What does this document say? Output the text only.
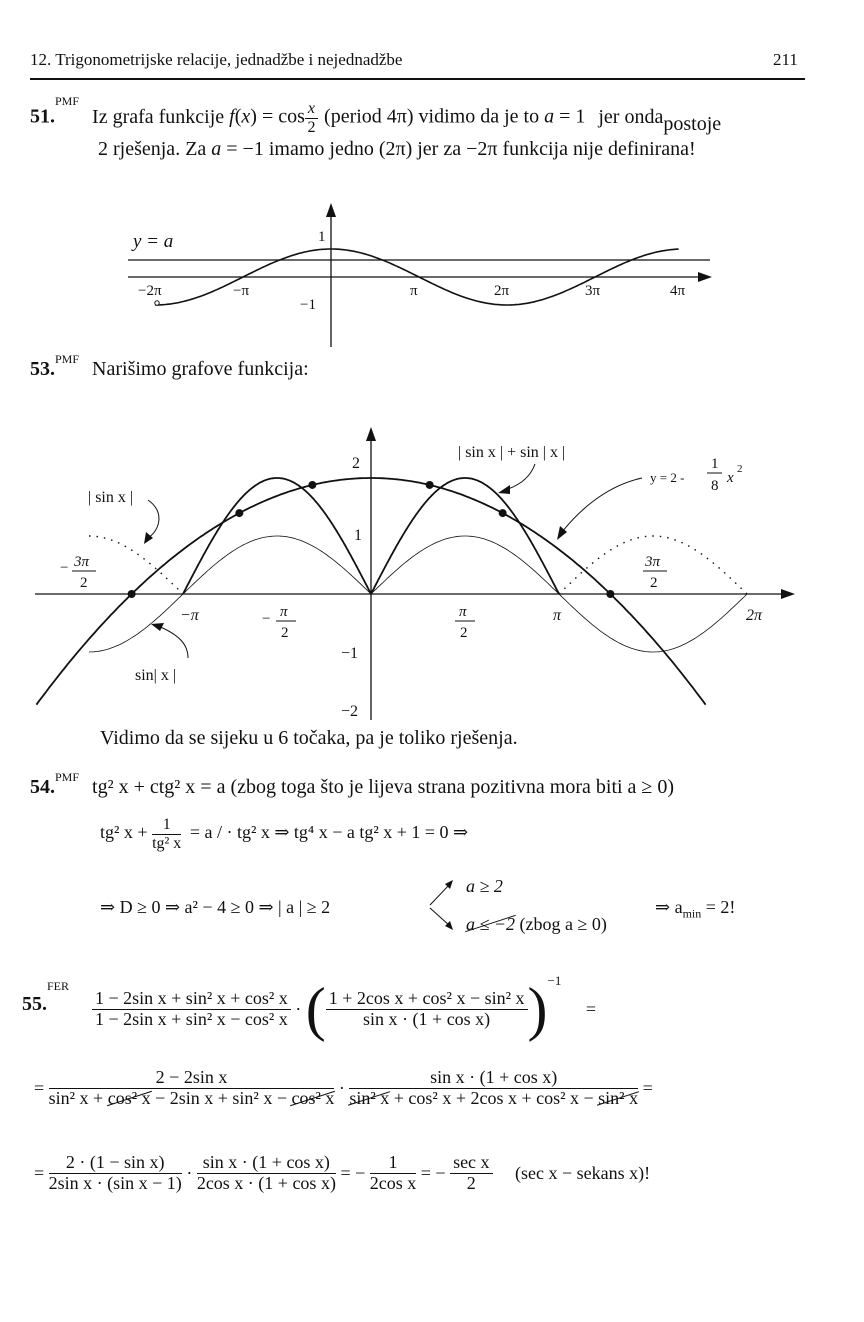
12. Trigonometrijske relacije, jednadžbe i nejednadžbe	211
51.$^{PMF}$ Iz grafa funkcije $f(x) = \cos \frac{x}{2}$ (period 4π) vidimo da je to a = 1 jer ondapostoje
2 rješenja. Za a = −1 imamo jedno (2π) jer za −2π funkcija nije definirana!
y = a	1
−1
−2π	−π	π	2π	3π	4π
53.$^{PMF}$ Narišimo grafove funkcija:
2
1
−1
−2
−π	π	2π
− 3π
2
− π
2
π
2
3π
2
| sin x |
| sin x | + sin | x |
y = 2 -
1
8 x
2
sin| x |
Vidimo da se sijeku u 6 točaka, pa je toliko rješenja.
54.$^{PMF}$ tg² x + ctg² x = a (zbog toga što je lijeva strana pozitivna mora biti a ≥ 0)
tg² $x + \frac{1}{\text{tg² x}} = a$ / · tg² x ⇒ tg⁴ x − a tg² x + 1 = 0 ⇒
⇒ D ≥ 0 ⇒ a² − 4 ≥ 0 ⇒ | a | ≥ 2
a ≥ 2
a ≤ −2 (zbog a ≥ 0)
⇒ $a_{min} = 2$!
55.$^{FER}$
$\frac{\text{1 − 2sin x + sin² x + cos² x}}{\text{1 − 2sin x + sin² x − cos² x}}$ · ( $\frac{\text{1 + 2cos x + cos² x − sin² x}}{\text{sin x · (1 + cos x)}} )^{-1}$ =
= $\frac{\text{2 − 2sin x}}{\text{sin² x + cos² x − 2sin x + sin² x − cos² x}} \cdot \frac{\text{sin x · (1 + cos x)}}{\text{sin² x + cos² x + 2cos x + cos² x − sin² x}}$ =
= $\frac{\text{2 · (1 − sin x)}}{\text{2sin x · (sin x − 1)}} \cdot \frac{\text{sin x · (1 + cos x)}}{\text{2cos x · (1 + cos x)}}$ = − $\frac{1}{\text{2cos x}}$ = − $\frac{\text{sec x}}{2} (\sec$ x − sekans x)!
